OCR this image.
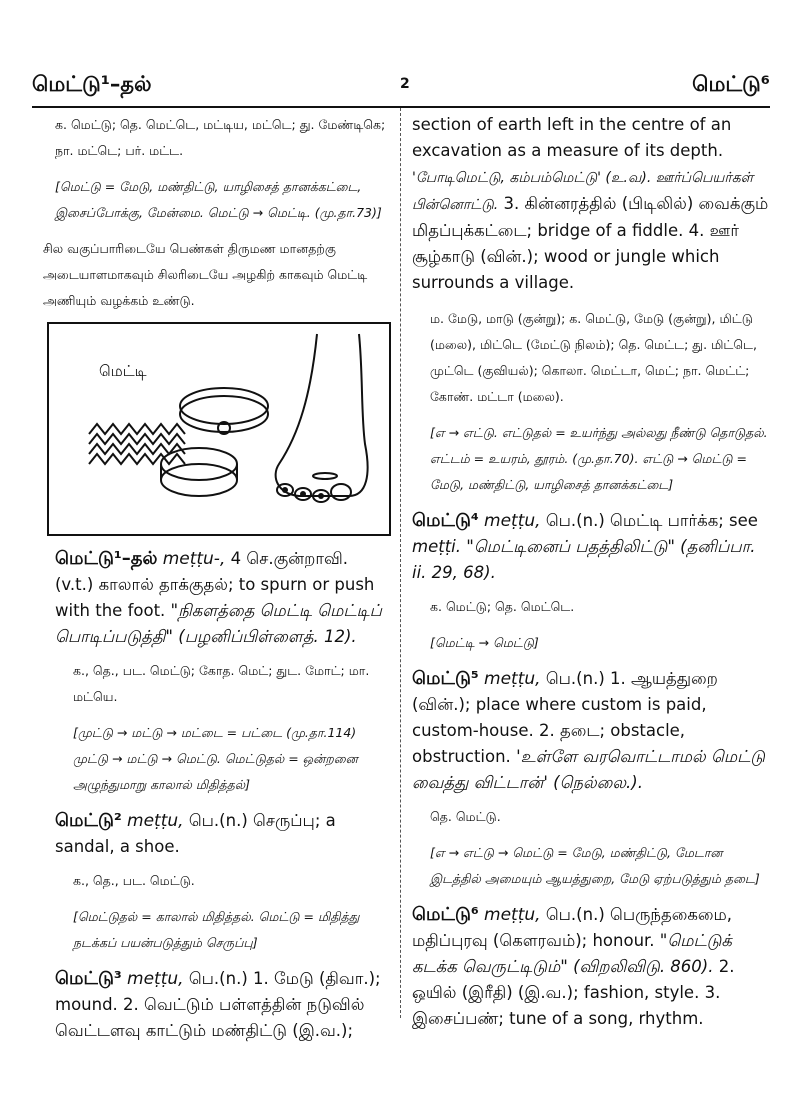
மெட்டு¹–தல்	2	மெட்டு⁶
க. மெட்டு; தெ. மெட்டெ, மட்டிய, மட்டெ; து. மேண்டிகெ; நா. மட்டெ; பர். மட்ட.
[மெட்டு = மேடு, மண்திட்டு, யாழிசைத் தானக்கட்டை, இசைப்போக்கு, மேன்மை. மெட்டு → மெட்டி. (மு.தா.73)]
சில வகுப்பாரிடையே பெண்கள் திருமண மானதற்கு அடையாளமாகவும் சிலரிடையே அழகிற் காகவும் மெட்டி அணியும் வழக்கம் உண்டு.
மெட்டி
மெட்டு¹–தல் meṭṭu-, 4 செ.குன்றாவி. (v.t.) காலால் தாக்குதல்; to spurn or push with the foot. "நிகளத்தை மெட்டி மெட்டிப் பொடிப்படுத்தி" (பழனிப்பிள்ளைத். 12).
க., தெ., பட. மெட்டு; கோத. மெட்; துட. மோட்; மா. மட்யெ.
[முட்டு → மட்டு → மட்டை = பட்டை (மு.தா.114) முட்டு → மட்டு → மெட்டு. மெட்டுதல் = ஒன்றனை அழுந்துமாறு காலால் மிதித்தல்]
மெட்டு² meṭṭu, பெ.(n.) செருப்பு; a sandal, a shoe.
க., தெ., பட. மெட்டு.
[மெட்டுதல் = காலால் மிதித்தல். மெட்டு = மிதித்து நடக்கப் பயன்படுத்தும் செருப்பு]
மெட்டு³ meṭṭu, பெ.(n.) 1. மேடு (திவா.); mound. 2. வெட்டும் பள்ளத்தின் நடுவில் வெட்டளவு காட்டும் மண்திட்டு (இ.வ.);
section of earth left in the centre of an excavation as a measure of its depth. 'போடிமெட்டு, கம்பம்மெட்டு' (உ.வ). ஊர்ப்பெயர்கள் பின்னொட்டு. 3. கின்னரத்தில் (பிடிலில்) வைக்கும் மிதப்புக்கட்டை; bridge of a fiddle. 4. ஊர் சூழ்காடு (வின்.); wood or jungle which surrounds a village.
ம. மேடு, மாடு (குன்று); க. மெட்டு, மேடு (குன்று), மிட்டு (மலை), மிட்டெ (மேட்டு நிலம்); தெ. மெட்ட; து. மிட்டெ, முட்டெ (குவியல்); கொலா. மெட்டா, மெட்; நா. மெட்ட்; கோண். மட்டா (மலை).
[எ → எட்டு. எட்டுதல் = உயர்ந்து அல்லது நீண்டு தொடுதல். எட்டம் = உயரம், தூரம். (மு.தா.70). எட்டு → மெட்டு = மேடு, மண்திட்டு, யாழிசைத் தானக்கட்டை]
மெட்டு⁴ meṭṭu, பெ.(n.) மெட்டி பார்க்க; see meṭṭi. "மெட்டினைப் பதத்திலிட்டு" (தனிப்பா. ii. 29, 68).
க. மெட்டு; தெ. மெட்டெ.
[மெட்டி → மெட்டு]
மெட்டு⁵ meṭṭu, பெ.(n.) 1. ஆயத்துறை (வின்.); place where custom is paid, custom-house. 2. தடை; obstacle, obstruction. 'உள்ளே வரவொட்டாமல் மெட்டு வைத்து விட்டான்' (நெல்லை.).
தெ. மெட்டு.
[எ → எட்டு → மெட்டு = மேடு, மண்திட்டு, மேடான இடத்தில் அமையும் ஆயத்துறை, மேடு ஏற்படுத்தும் தடை]
மெட்டு⁶ meṭṭu, பெ.(n.) பெருந்தகைமை, மதிப்புரவு (கௌரவம்); honour. "மெட்டுக் கடக்க வெருட்டிடும்" (விறலிவிடு. 860). 2. ஒயில் (இரீதி) (இ.வ.); fashion, style. 3. இசைப்பண்; tune of a song, rhythm.
